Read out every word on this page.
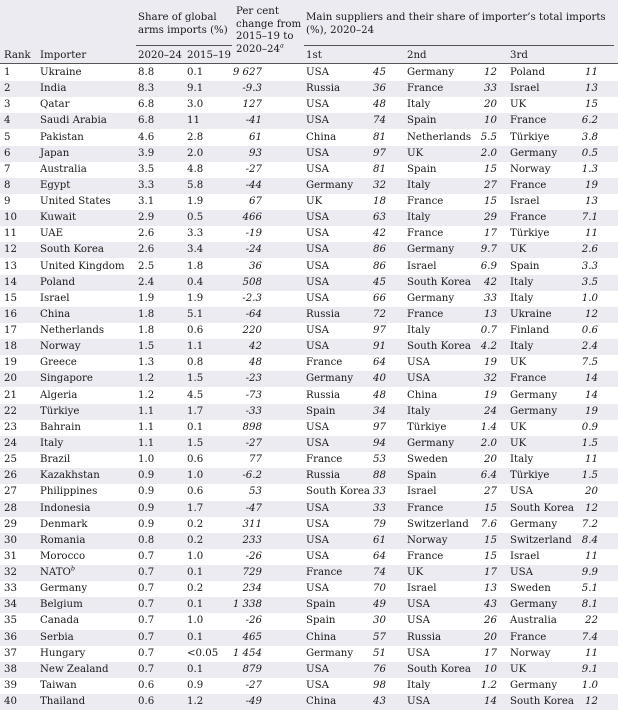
Share of global arms imports (%)
Per cent change from 2015–19 to 2020–24$^a$
Main suppliers and their share of importer’s total imports (%), 2020–24
Rank Importer	2020–24 2015–19	1st	2nd	3rd
1	Ukraine	8.8	0.1	9 627	USA	45 Germany	12 Poland	11
2	India	8.3	9.1	-9.3	Russia	36 France	33 Israel	13
3	Qatar	6.8	3.0	127	USA	48 Italy	20 UK	15
4	Saudi Arabia	6.8	11	-41	USA	74 Spain	10 France	6.2
5	Pakistan	4.6	2.8	61	China	81 Netherlands 5.5 Türkiye	3.8
6	Japan	3.9	2.0	93	USA	97 UK	2.0 Germany	0.5
7	Australia	3.5	4.8	-27	USA	81 Spain	15 Norway	1.3
8	Egypt	3.3	5.8	-44	Germany	32 Italy	27 France	19
9	United States	3.1	1.9	67	UK	18 France	15 Israel	13
10 Kuwait	2.9	0.5	466	USA	63 Italy	29 France	7.1
11 UAE	2.6	3.3	-19	USA	42 France	17 Türkiye	11
12 South Korea	2.6	3.4	-24	USA	86 Germany	9.7 UK	2.6
13 United Kingdom 2.5	1.8	36	USA	86 Israel	6.9 Spain	3.3
14 Poland	2.4	0.4	508	USA	45 South Korea	42 Italy	3.5
15 Israel	1.9	1.9	-2.3	USA	66 Germany	33 Italy	1.0
16 China	1.8	5.1	-64	Russia	72 France	13 Ukraine	12
17 Netherlands	1.8	0.6	220	USA	97 Italy	0.7 Finland	0.6
18 Norway	1.5	1.1	42	USA	91 South Korea 4.2 Italy	2.4
19 Greece	1.3	0.8	48	France	64 USA	19 UK	7.5
20 Singapore	1.2	1.5	-23	Germany	40 USA	32 France	14
21 Algeria	1.2	4.5	-73	Russia	48 China	19 Germany	14
22 Türkiye	1.1	1.7	-33	Spain	34 Italy	24 Germany	19
23 Bahrain	1.1	0.1	898	USA	97 Türkiye	1.4 UK	0.9
24 Italy	1.1	1.5	-27	USA	94 Germany	2.0 UK	1.5
25 Brazil	1.0	0.6	77	France	53 Sweden	20 Italy	11
26 Kazakhstan	0.9	1.0	-6.2	Russia	88 Spain	6.4 Türkiye	1.5
27 Philippines	0.9	0.6	53	South Korea 33 Israel	27 USA	20
28 Indonesia	0.9	1.7	-47	USA	33 France	15 South Korea	12
29 Denmark	0.9	0.2	311	USA	79 Switzerland	7.6 Germany	7.2
30 Romania	0.8	0.2	233	USA	61 Norway	15 Switzerland 8.4
31 Morocco	0.7	1.0	-26	USA	64 France	15 Israel	11
32 NATO$^b$	0.7	0.1	729	France	74 UK	17 USA	9.9
33 Germany	0.7	0.2	234	USA	70 Israel	13 Sweden	5.1
34 Belgium	0.7	0.1	1 338	Spain	49 USA	43 Germany	8.1
35 Canada	0.7	1.0	-26	Spain	30 USA	26 Australia	22
36 Serbia	0.7	0.1	465	China	57 Russia	20 France	7.4
37 Hungary	0.7	<0.05	1 454	Germany	51 USA	17 Norway	11
38 New Zealand	0.7	0.1	879	USA	76 South Korea	10 UK	9.1
39 Taiwan	0.6	0.9	-27	USA	98 Italy	1.2 Germany	1.0
40 Thailand	0.6	1.2	-49	China	43 USA	14 South Korea	12
